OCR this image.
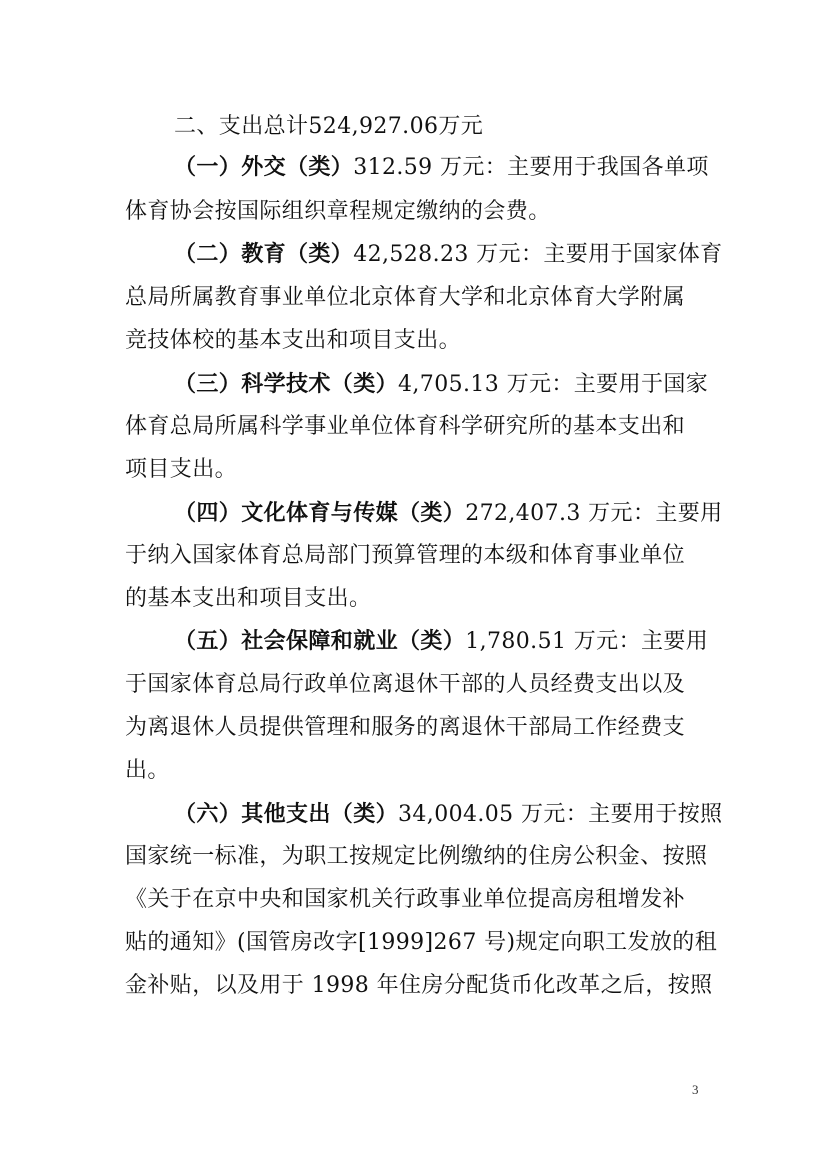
二、支出总计524,927.06万元
（一）外交（类）312.59 万元：主要用于我国各单项
体育协会按国际组织章程规定缴纳的会费。
（二）教育（类）42,528.23 万元：主要用于国家体育
总局所属教育事业单位北京体育大学和北京体育大学附属
竞技体校的基本支出和项目支出。
（三）科学技术（类）4,705.13 万元：主要用于国家
体育总局所属科学事业单位体育科学研究所的基本支出和
项目支出。
（四）文化体育与传媒（类）272,407.3 万元：主要用
于纳入国家体育总局部门预算管理的本级和体育事业单位
的基本支出和项目支出。
（五）社会保障和就业（类）1,780.51 万元：主要用
于国家体育总局行政单位离退休干部的人员经费支出以及
为离退休人员提供管理和服务的离退休干部局工作经费支
出。
（六）其他支出（类）34,004.05 万元：主要用于按照
国家统一标准，为职工按规定比例缴纳的住房公积金、按照
《关于在京中央和国家机关行政事业单位提高房租增发补
贴的通知》(国管房改字[1999]267 号)规定向职工发放的租
金补贴，以及用于 1998 年住房分配货币化改革之后，按照
3
